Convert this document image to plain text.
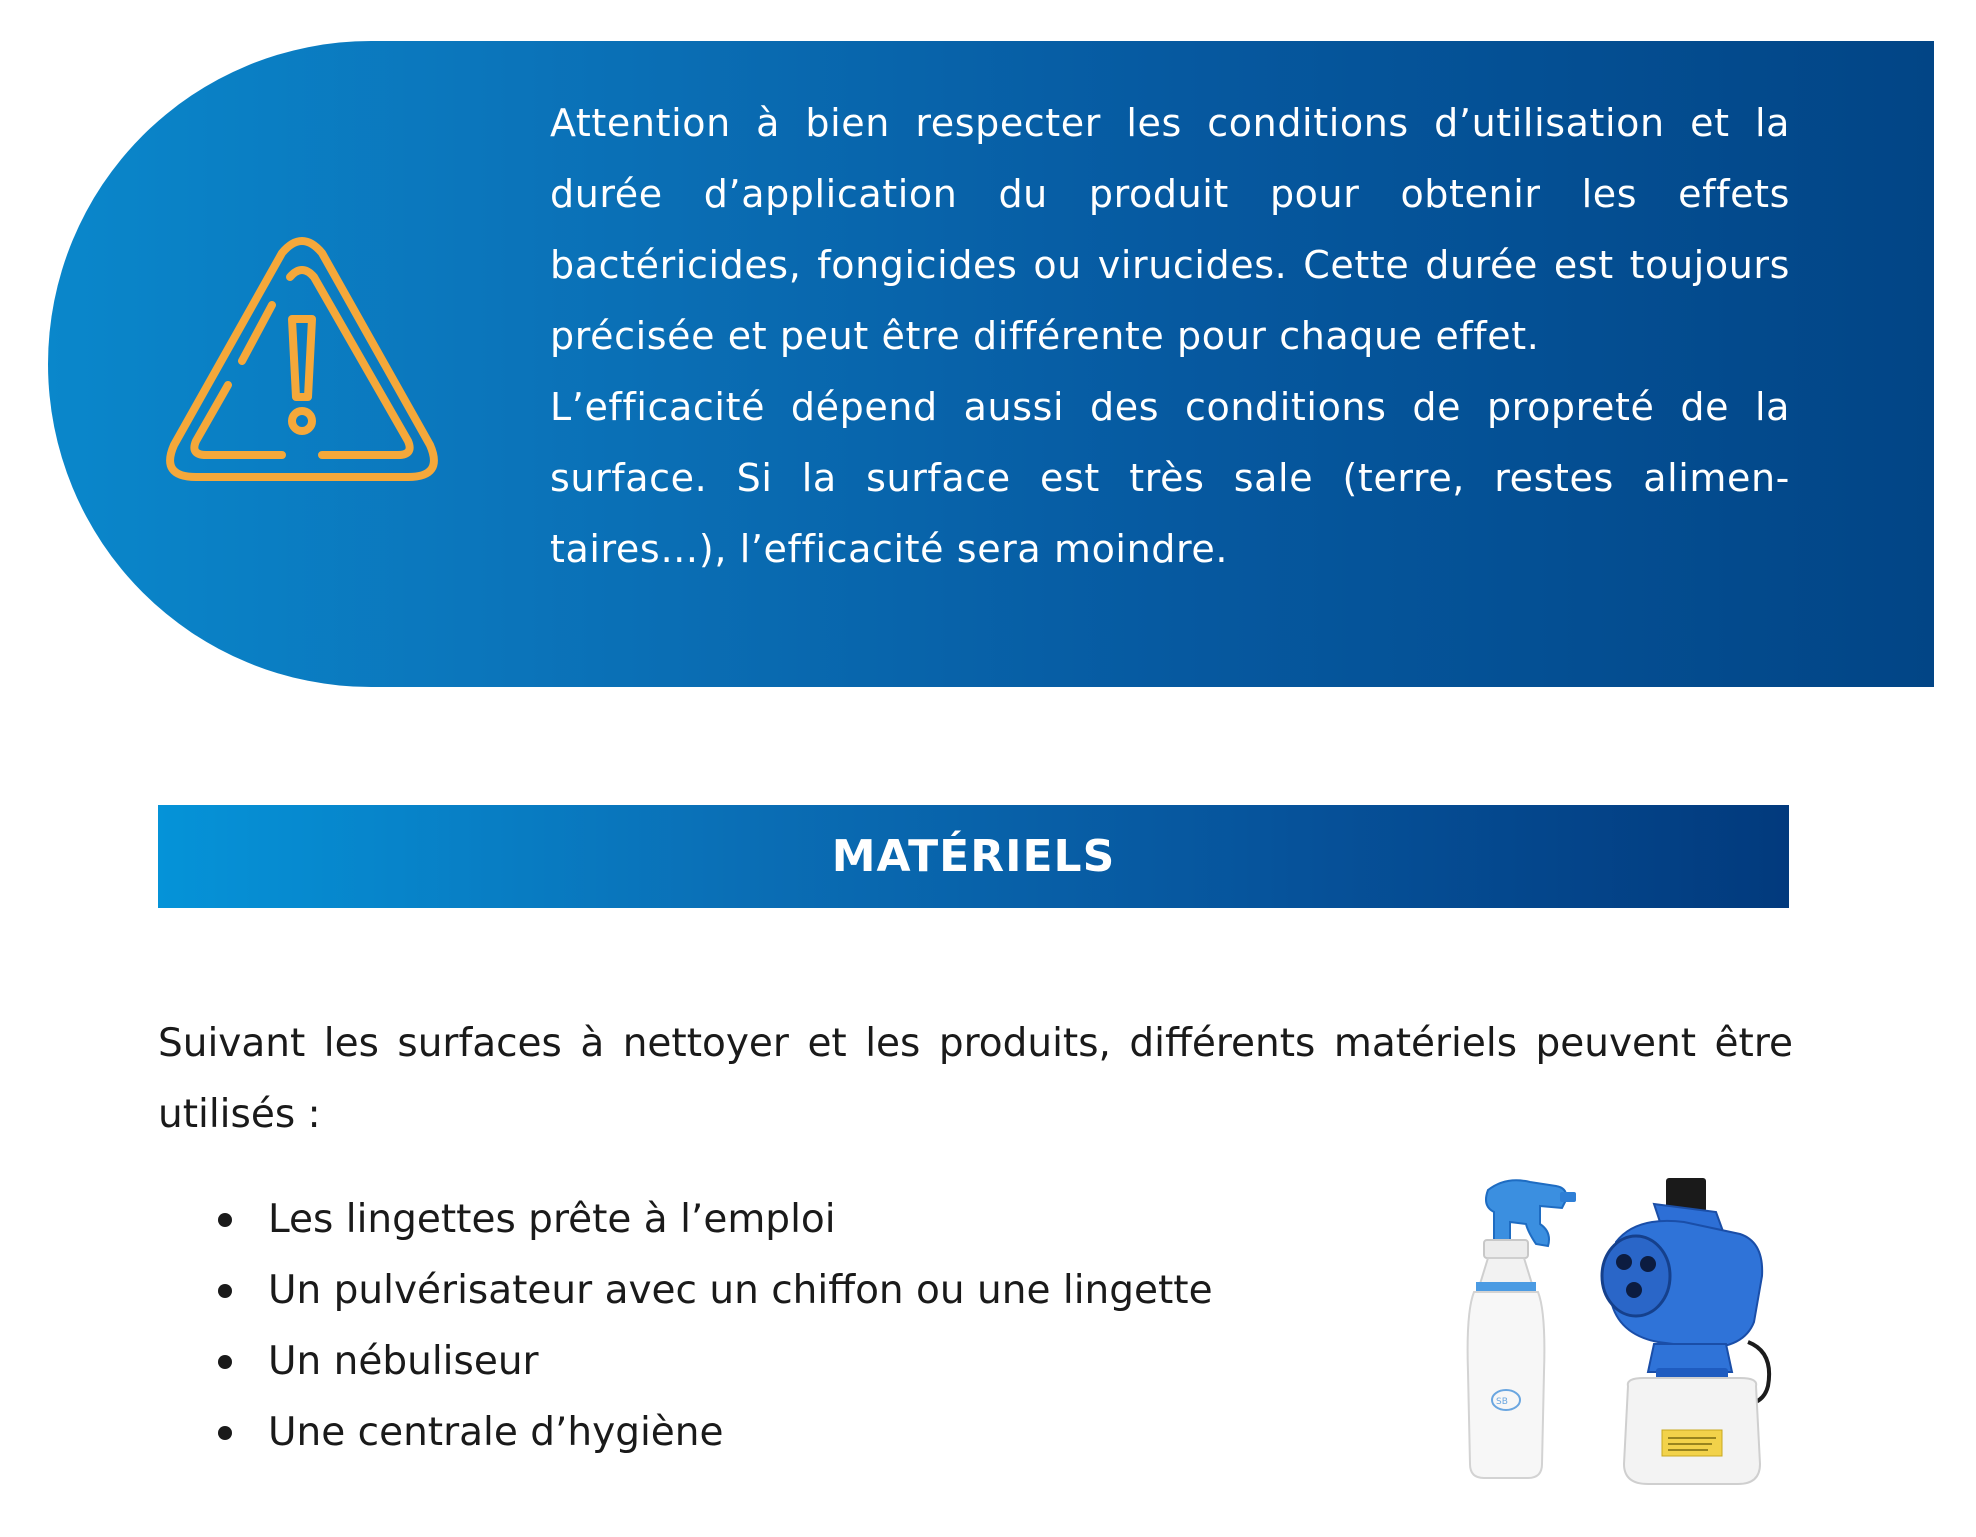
Attention à bien respecter les conditions d’utilisation et la durée d’application du produit pour obtenir les effets bactéricides, fongicides ou virucides. Cette durée est toujours précisée et peut être différente pour chaque effet.

L’efficacité dépend aussi des conditions de propreté de la surface. Si la surface est très sale (terre, restes alimen-taires…), l’efficacité sera moindre.

MATÉRIELS

Suivant les surfaces à nettoyer et les produits, différents matériels peuvent être utilisés :

Les lingettes prête à l’emploi
Un pulvérisateur avec un chiffon ou une lingette
Un nébuliseur
Une centrale d’hygiène
SB
